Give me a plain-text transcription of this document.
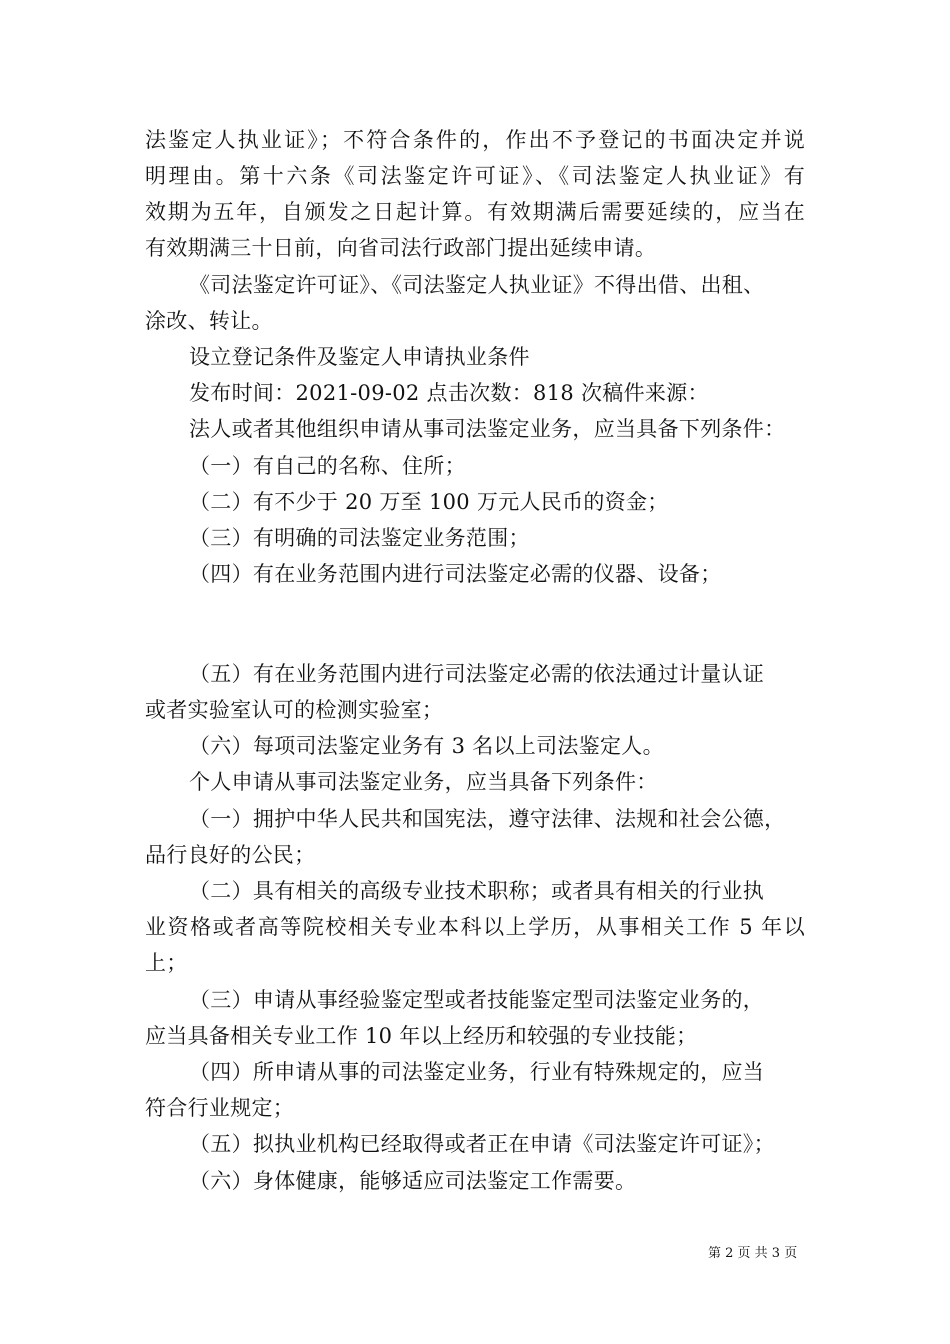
法鉴定人执业证》；不符合条件的，作出不予登记的书面决定并说
明理由。第十六条《司法鉴定许可证》、《司法鉴定人执业证》有
效期为五年，自颁发之日起计算。有效期满后需要延续的，应当在
有效期满三十日前，向省司法行政部门提出延续申请。
《司法鉴定许可证》、《司法鉴定人执业证》不得出借、出租、
涂改、转让。
设立登记条件及鉴定人申请执业条件
发布时间：2021-09-02 点击次数：818 次稿件来源：
法人或者其他组织申请从事司法鉴定业务，应当具备下列条件：
（一）有自己的名称、住所；
（二）有不少于 20 万至 100 万元人民币的资金；
（三）有明确的司法鉴定业务范围；
（四）有在业务范围内进行司法鉴定必需的仪器、设备；
（五）有在业务范围内进行司法鉴定必需的依法通过计量认证
或者实验室认可的检测实验室；
（六）每项司法鉴定业务有 3 名以上司法鉴定人。
个人申请从事司法鉴定业务，应当具备下列条件：
（一）拥护中华人民共和国宪法，遵守法律、法规和社会公德，
品行良好的公民；
（二）具有相关的高级专业技术职称；或者具有相关的行业执
业资格或者高等院校相关专业本科以上学历，从事相关工作 5 年以
上；
（三）申请从事经验鉴定型或者技能鉴定型司法鉴定业务的，
应当具备相关专业工作 10 年以上经历和较强的专业技能；
（四）所申请从事的司法鉴定业务，行业有特殊规定的，应当
符合行业规定；
（五）拟执业机构已经取得或者正在申请《司法鉴定许可证》；
（六）身体健康，能够适应司法鉴定工作需要。
第 2 页 共 3 页
